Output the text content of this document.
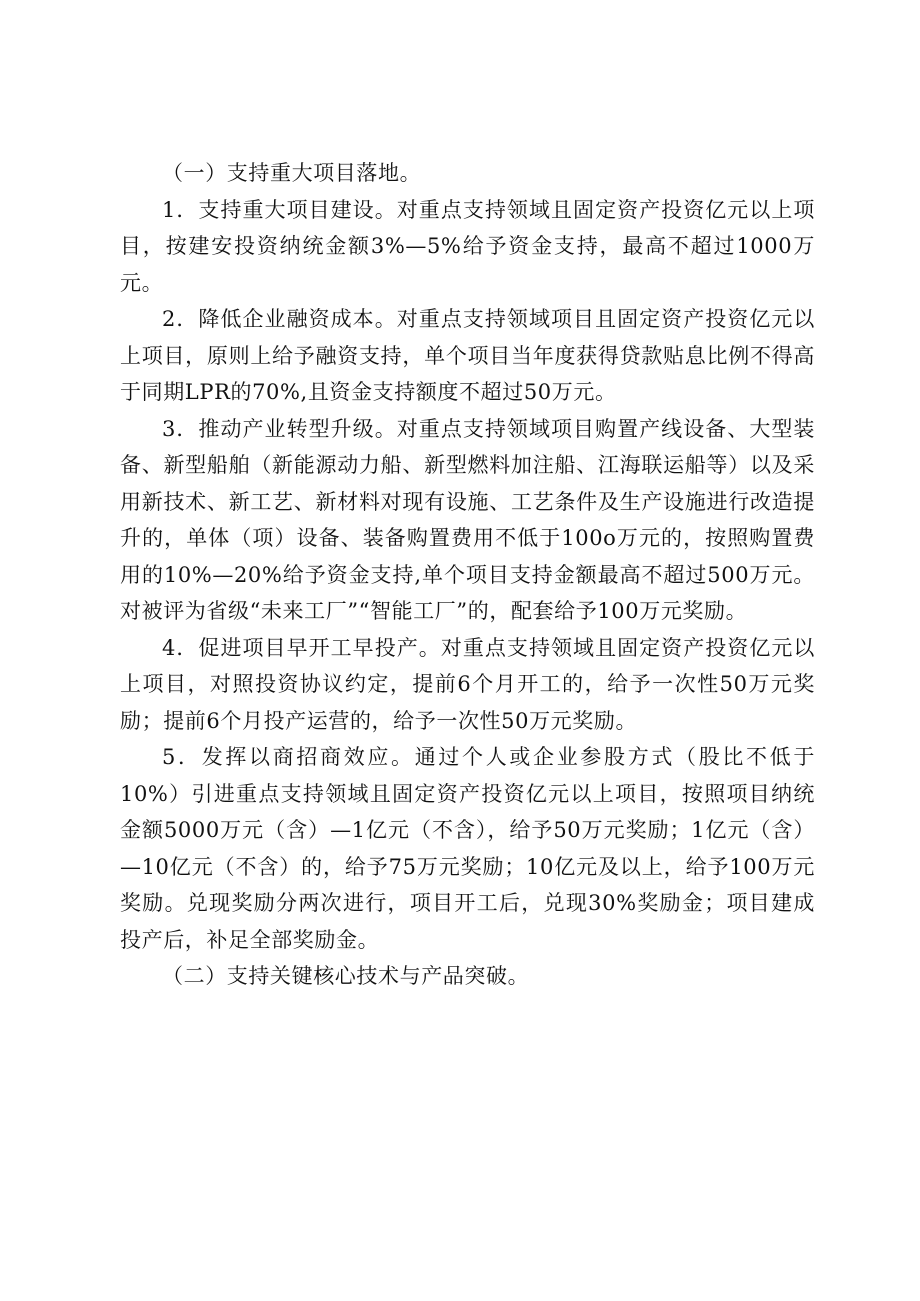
（一）支持重大项目落地。

1．支持重大项目建设。对重点支持领域且固定资产投资亿元以上项目，按建安投资纳统金额3%—5%给予资金支持，最高不超过1000万元。

2．降低企业融资成本。对重点支持领域项目且固定资产投资亿元以上项目，原则上给予融资支持，单个项目当年度获得贷款贴息比例不得高于同期LPR的70%,且资金支持额度不超过50万元。

3．推动产业转型升级。对重点支持领域项目购置产线设备、大型装备、新型船舶（新能源动力船、新型燃料加注船、江海联运船等）以及采用新技术、新工艺、新材料对现有设施、工艺条件及生产设施进行改造提升的，单体（项）设备、装备购置费用不低于100o万元的，按照购置费用的10%—20%给予资金支持,单个项目支持金额最高不超过500万元。对被评为省级“未来工厂”“智能工厂”的，配套给予100万元奖励。

4．促进项目早开工早投产。对重点支持领域且固定资产投资亿元以上项目，对照投资协议约定，提前6个月开工的，给予一次性50万元奖励；提前6个月投产运营的，给予一次性50万元奖励。

5．发挥以商招商效应。通过个人或企业参股方式（股比不低于10%）引进重点支持领域且固定资产投资亿元以上项目，按照项目纳统金额5000万元（含）—1亿元（不含），给予50万元奖励；1亿元（含）—10亿元（不含）的，给予75万元奖励；10亿元及以上，给予100万元奖励。兑现奖励分两次进行，项目开工后，兑现30%奖励金；项目建成投产后，补足全部奖励金。

（二）支持关键核心技术与产品突破。
